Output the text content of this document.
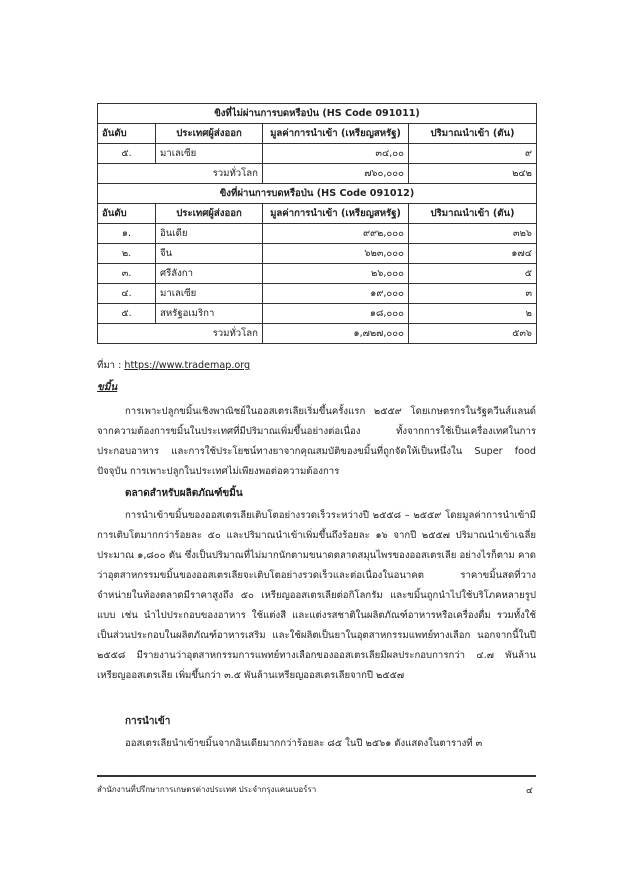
ขิงที่ไม่ผ่านการบดหรือป่น (HS Code 091011)			
อันดับ	ประเทศผู้ส่งออก	มูลค่าการนำเข้า (เหรียญสหรัฐ)	ปริมาณนำเข้า (ตัน)
๕.	มาเลเซีย	๓๔,๐๐	๙
	รวมทั่วโลก	๗๖๐,๐๐๐	๒๔๒
ขิงที่ผ่านการบดหรือป่น (HS Code 091012)			
อันดับ	ประเทศผู้ส่งออก	มูลค่าการนำเข้า (เหรียญสหรัฐ)	ปริมาณนำเข้า (ตัน)
๑.	อินเดีย	๙๙๒,๐๐๐	๓๒๖
๒.	จีน	๖๒๓,๐๐๐	๑๗๔
๓.	ศรีลังกา	๒๖,๐๐๐	๕
๔.	มาเลเซีย	๑๙,๐๐๐	๓
๕.	สหรัฐอเมริกา	๑๘,๐๐๐	๒
	รวมทั่วโลก	๑,๗๒๗,๐๐๐	๕๓๖
ที่มา : https://www.trademap.org

ขมิ้น

การเพาะปลูกขมิ้นเชิงพาณิชย์ในออสเตรเลียเริ่มขึ้นครั้งแรก ๒๕๕๙ โดยเกษตรกรในรัฐควีนส์แลนด์ จากความต้องการขมิ้นในประเทศที่มีปริมาณเพิ่มขึ้นอย่างต่อเนื่อง ทั้งจากการใช้เป็นเครื่องเทศในการประกอบอาหาร และการใช้ประโยชน์ทางยาจากคุณสมบัติของขมิ้นที่ถูกจัดให้เป็นหนึ่งใน Super food ปัจจุบัน การเพาะปลูกในประเทศไม่เพียงพอต่อความต้องการ

ตลาดสำหรับผลิตภัณฑ์ขมิ้น

การนำเข้าขมิ้นของออสเตรเลียเติบโตอย่างรวดเร็วระหว่างปี ๒๕๕๘ – ๒๕๕๙ โดยมูลค่าการนำเข้ามีการเติบโตมากกว่าร้อยละ ๕๐ และปริมาณนำเข้าเพิ่มขึ้นถึงร้อยละ ๑๖ จากปี ๒๕๕๗ ปริมาณนำเข้าเฉลี่ยประมาณ ๑,๘๐๐ ตัน ซึ่งเป็นปริมาณที่ไม่มากนักตามขนาดตลาดสมุนไพรของออสเตรเลีย อย่างไรก็ตาม คาดว่าอุตสาหกรรมขมิ้นของออสเตรเลียจะเติบโตอย่างรวดเร็วและต่อเนื่องในอนาคต ราคาขมิ้นสดที่วางจำหน่ายในท้องตลาดมีราคาสูงถึง ๕๐ เหรียญออสเตรเลียต่อกิโลกรัม และขมิ้นถูกนำไปใช้บริโภคหลายรูปแบบ เช่น นำไปประกอบของอาหาร ใช้แต่งสี และแต่งรสชาติในผลิตภัณฑ์อาหารหรือเครื่องดื่ม รวมทั้งใช้เป็นส่วนประกอบในผลิตภัณฑ์อาหารเสริม และใช้ผลิตเป็นยาในอุตสาหกรรมแพทย์ทางเลือก นอกจากนี้ในปี ๒๕๕๘ มีรายงานว่าอุตสาหกรรมการแพทย์ทางเลือกของออสเตรเลียมีผลประกอบการกว่า ๔.๗ พันล้านเหรียญออสเตรเลีย เพิ่มขึ้นกว่า ๓.๕ พันล้านเหรียญออสเตรเลียจากปี ๒๕๕๗

การนำเข้า

ออสเตรเลียนำเข้าขมิ้นจากอินเดียมากกว่าร้อยละ ๘๕ ในปี ๒๕๖๑ ดังแสดงในตารางที่ ๓

สำนักงานที่ปรึกษาการเกษตรต่างประเทศ ประจำกรุงแคนเบอร์รา	๔
